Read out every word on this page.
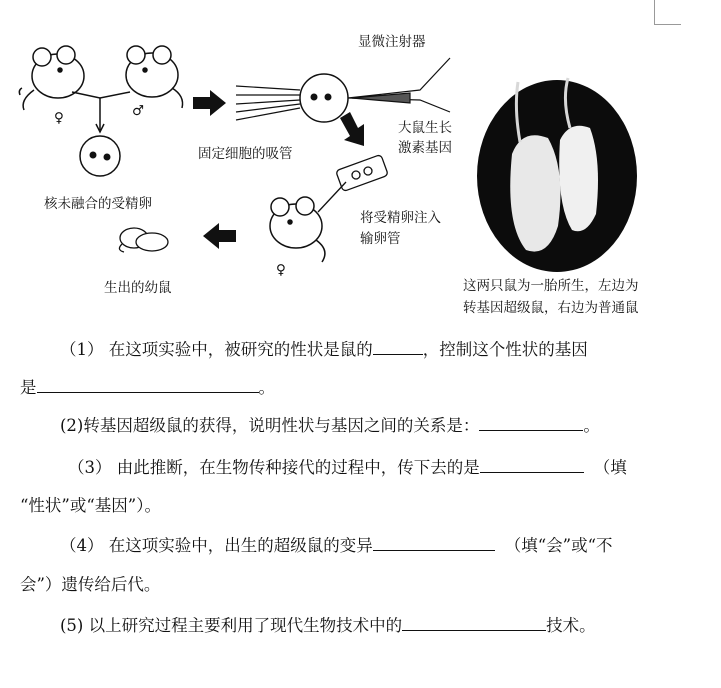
♀	♂
核未融合的受精卵
显微注射器
固定细胞的吸管
大鼠生长
激素基因
将受精卵注入
输卵管
♀
生出的幼鼠	这两只鼠为一胎所生，左边为
转基因超级鼠，右边为普通鼠
（1） 在这项实验中，被研究的性状是鼠的	，控制这个性状的基因
是	。
(2)转基因超级鼠的获得，说明性状与基因之间的关系是：	。
（3） 由此推断，在生物传种接代的过程中，传下去的是	（填
“性状”或“基因”）。
（4） 在这项实验中，出生的超级鼠的变异	（填“会”或“不
会”）遗传给后代。
(5) 以上研究过程主要利用了现代生物技术中的	技术。
